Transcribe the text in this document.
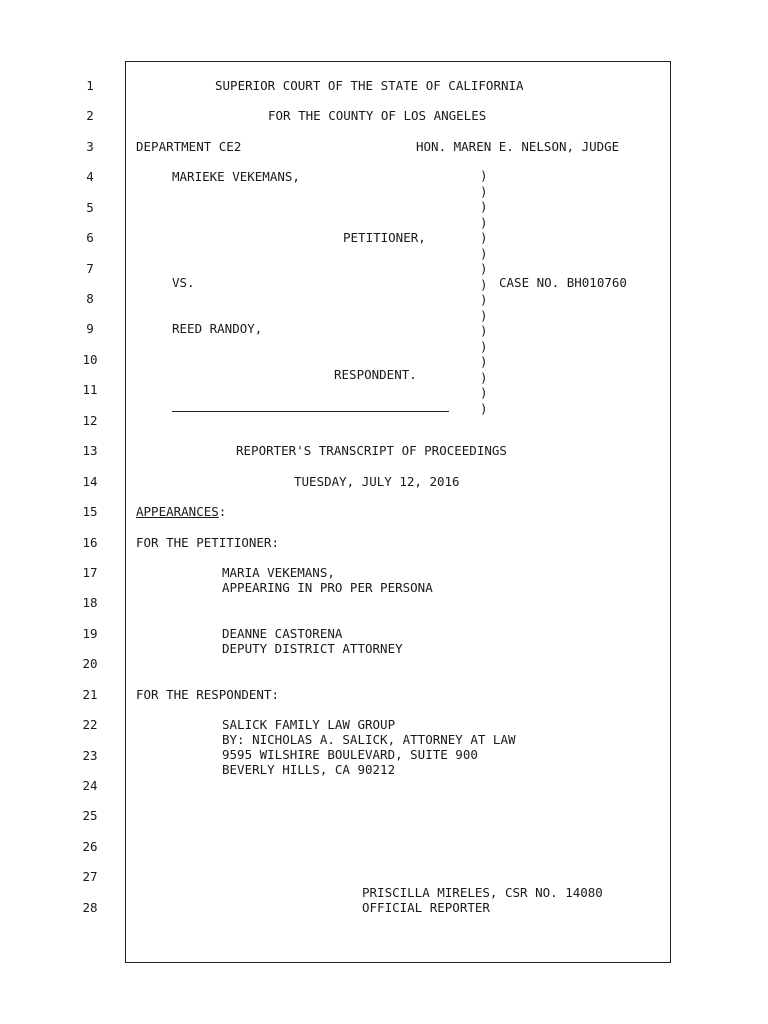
1
2
3
4
5
6
7
8
9
10
11
12
13
14
15
16
17
18
19
20
21
22
23
24
25
26
27
28
SUPERIOR COURT OF THE STATE OF CALIFORNIA
FOR THE COUNTY OF LOS ANGELES
DEPARTMENT CE2	HON. MAREN E. NELSON, JUDGE
MARIEKE VEKEMANS,
PETITIONER,
VS.	CASE NO. BH010760
REED RANDOY,
RESPONDENT.
)
)
)
)
)
)
)
)
)
)
)
)
)
)
)
)
REPORTER'S TRANSCRIPT OF PROCEEDINGS
TUESDAY, JULY 12, 2016
APPEARANCES:
FOR THE PETITIONER:
MARIA VEKEMANS,
APPEARING IN PRO PER PERSONA
DEANNE CASTORENA
DEPUTY DISTRICT ATTORNEY
FOR THE RESPONDENT:
SALICK FAMILY LAW GROUP
BY: NICHOLAS A. SALICK, ATTORNEY AT LAW
9595 WILSHIRE BOULEVARD, SUITE 900
BEVERLY HILLS, CA 90212
PRISCILLA MIRELES, CSR NO. 14080
OFFICIAL REPORTER
